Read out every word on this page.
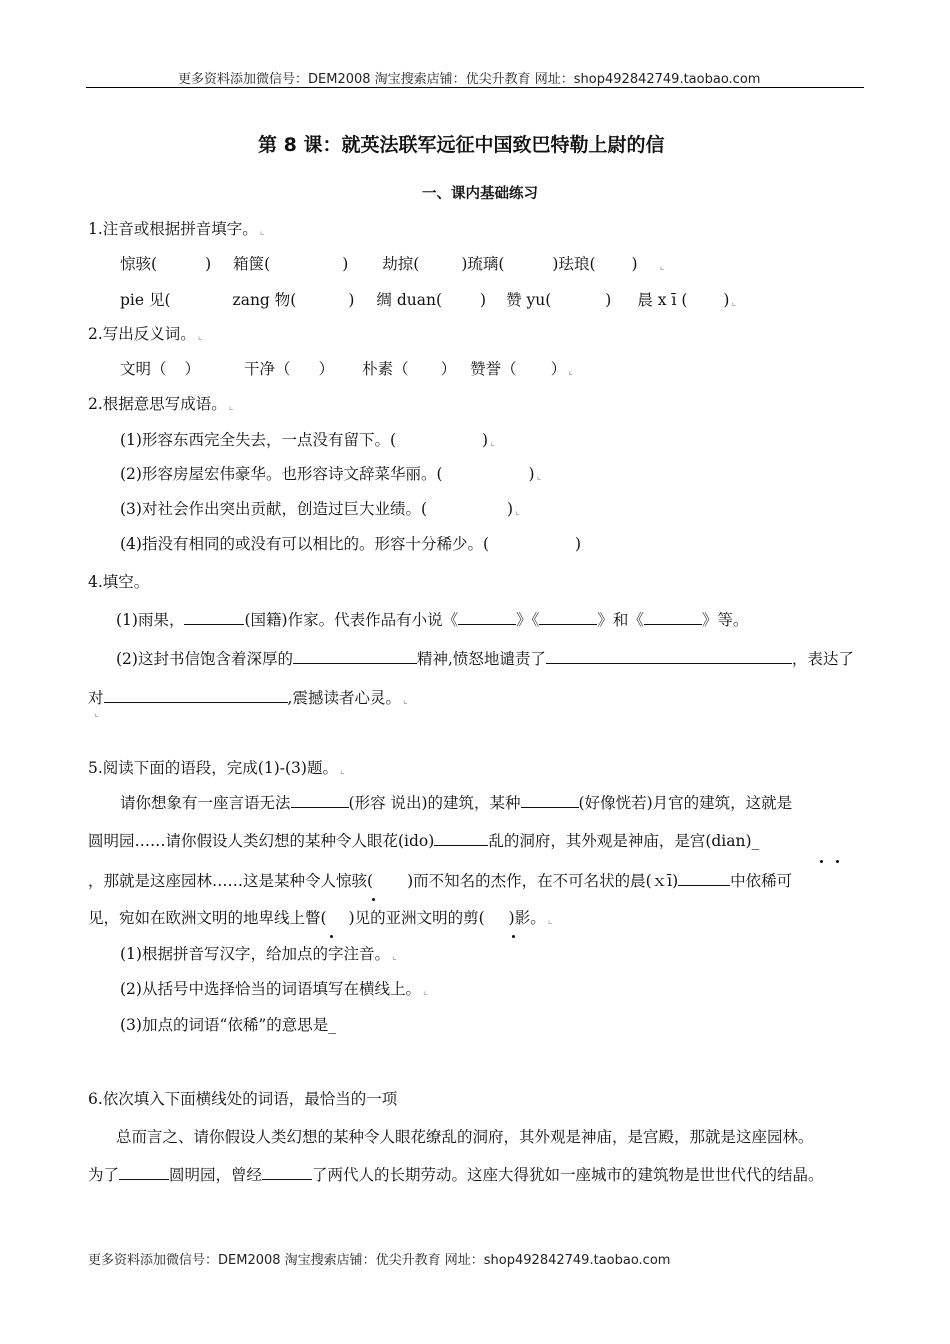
更多资料添加微信号：DEM2008 淘宝搜索店铺：优尖升教育 网址：shop492842749.taobao.com
第 8 课：就英法联军远征中国致巴特勒上尉的信
一、课内基础练习
1.注音或根据拼音填字。 ⌞
惊骇(	) 箱箧(	) 劫掠(	)琉璃(	)珐琅( ) ⌞
pie 见(	zang 物(	) 绸 duan( ) 赞 yu(	) 晨 x ī ( ) ⌞
2.写出反义词。 ⌞
文明（ ）	干净（ ） 朴素（ ） 赞誉（ ） ⌞
2.根据意思写成语。 ⌞
(1)形容东西完全失去，一点没有留下。(	) ⌞
(2)形容房屋宏伟豪华。也形容诗文辞菜华丽。(	) ⌞
(3)对社会作出突出贡献，创造过巨大业绩。(	) ⌞
(4)指没有相同的或没有可以相比的。形容十分稀少。(	)
4.填空。
(1)雨果，	(国籍)作家。代表作品有小说《	》《	》和《	》等。
(2)这封书信饱含着深厚的	精神,愤怒地谴责了	，表达了
对	,震撼读者心灵。 ⌞
⌞
5.阅读下面的语段，完成(1)-(3)题。 ⌞
请你想象有一座言语无法	(形容 说出)的建筑，某种	(好像恍若)月官的建筑，这就是
圆明园……请你假设人类幻想的某种令人眼花(ido)	乱的洞府，其外观是神庙，是宫(dian)_
，那就是这座园林……这是某种令人惊骇( )而不知名的杰作，在不可名状的晨(ｘī)	中依稀可
见，宛如在欧洲文明的地卑线上瞥( )见的亚洲文明的剪( )影。 ⌞
(1)根据拼音写汉字，给加点的字注音。 ⌞
(2)从括号中选择恰当的词语填写在横线上。 ⌞
(3)加点的词语“依稀”的意思是_
6.依次填入下面横线处的词语，最恰当的一项
总而言之、请你假设人类幻想的某种令人眼花缭乱的洞府，其外观是神庙，是宫殿，那就是这座园林。
为了	圆明园，曾经	了两代人的长期劳动。这座大得犹如一座城市的建筑物是世世代代的结晶。
更多资料添加微信号：DEM2008 淘宝搜索店铺：优尖升教育 网址：shop492842749.taobao.com
